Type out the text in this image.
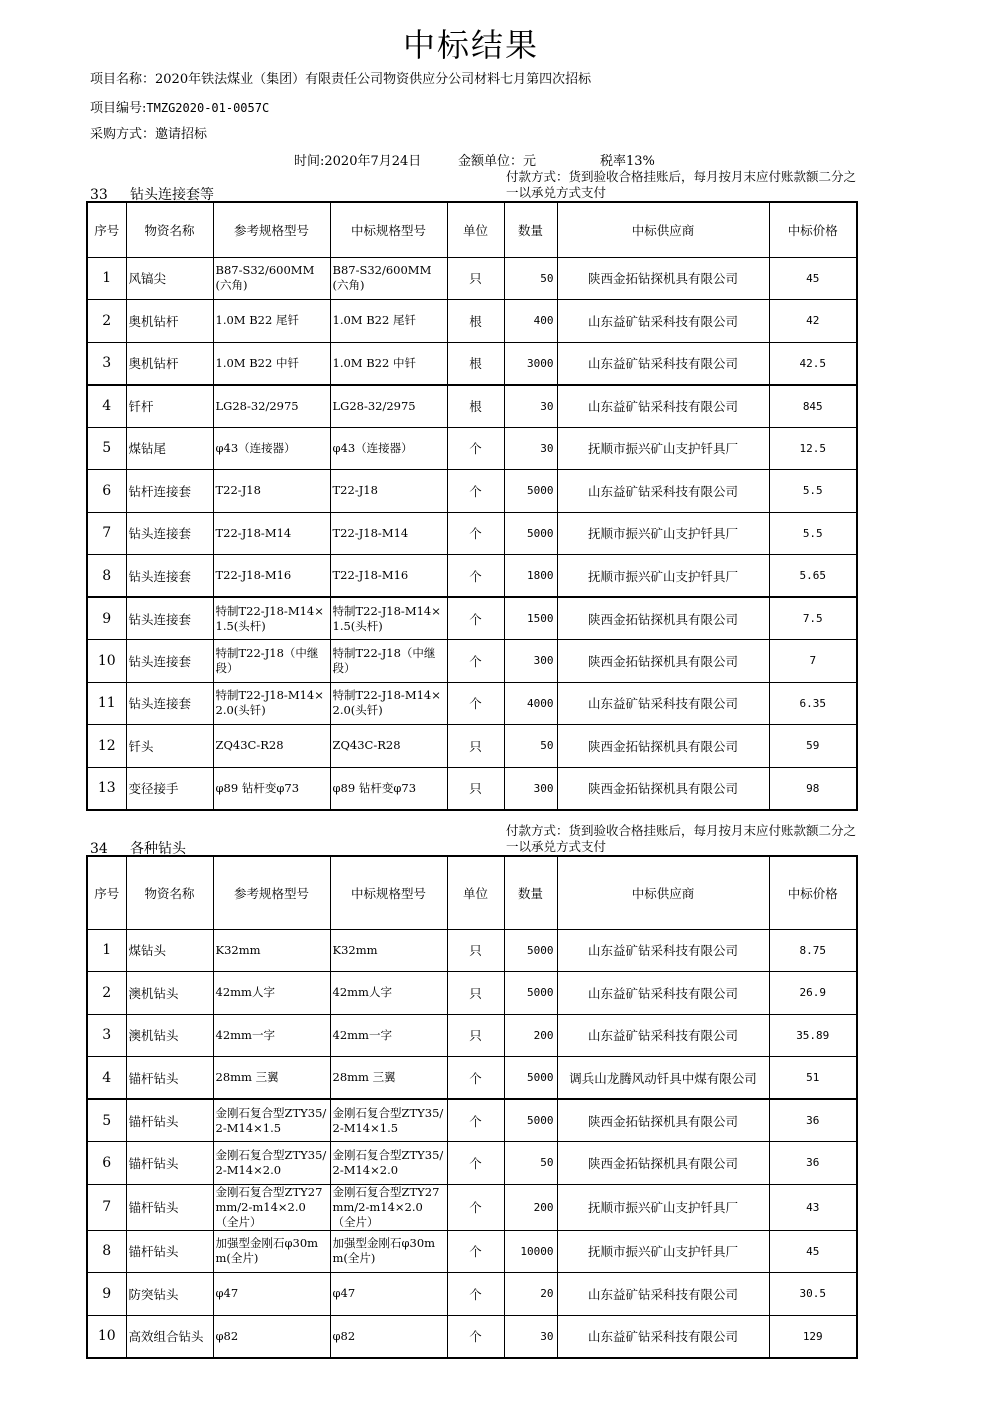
中标结果
项目名称：2020年铁法煤业（集团）有限责任公司物资供应分公司材料七月第四次招标
项目编号:TMZG2020-01-0057C
采购方式：邀请招标
时间:2020年7月24日	金额单位：元	税率13%
付款方式：货到验收合格挂账后，每月按月末应付账款额二分之一以承兑方式支付
33 钻头连接套等
序号	物资名称	参考规格型号	中标规格型号	单位	数量	中标供应商	中标价格
1	风镐尖	B87-S32/600MM(六角)	B87-S32/600MM(六角)	只	50	陕西金拓钻探机具有限公司	45
2	奥机钻杆	1.0M B22 尾钎	1.0M B22 尾钎	根	400	山东益矿钻采科技有限公司	42
3	奥机钻杆	1.0M B22 中钎	1.0M B22 中钎	根	3000	山东益矿钻采科技有限公司	42.5
4	钎杆	LG28-32/2975	LG28-32/2975	根	30	山东益矿钻采科技有限公司	845
5	煤钻尾	φ43（连接器）	φ43（连接器）	个	30	抚顺市振兴矿山支护钎具厂	12.5
6	钻杆连接套	T22-J18	T22-J18	个	5000	山东益矿钻采科技有限公司	5.5
7	钻头连接套	T22-J18-M14	T22-J18-M14	个	5000	抚顺市振兴矿山支护钎具厂	5.5
8	钻头连接套	T22-J18-M16	T22-J18-M16	个	1800	抚顺市振兴矿山支护钎具厂	5.65
9	钻头连接套	特制T22-J18-M14×1.5(头杆)	特制T22-J18-M14×1.5(头杆)	个	1500	陕西金拓钻探机具有限公司	7.5
10	钻头连接套	特制T22-J18（中继段）	特制T22-J18（中继段）	个	300	陕西金拓钻探机具有限公司	7
11	钻头连接套	特制T22-J18-M14×2.0(头钎)	特制T22-J18-M14×2.0(头钎)	个	4000	山东益矿钻采科技有限公司	6.35
12	钎头	ZQ43C-R28	ZQ43C-R28	只	50	陕西金拓钻探机具有限公司	59
13	变径接手	φ89 钻杆变φ73	φ89 钻杆变φ73	只	300	陕西金拓钻探机具有限公司	98
付款方式：货到验收合格挂账后，每月按月末应付账款额二分之一以承兑方式支付
34 各种钻头
序号	物资名称	参考规格型号	中标规格型号	单位	数量	中标供应商	中标价格
1	煤钻头	K32mm	K32mm	只	5000	山东益矿钻采科技有限公司	8.75
2	澳机钻头	42mm人字	42mm人字	只	5000	山东益矿钻采科技有限公司	26.9
3	澳机钻头	42mm一字	42mm一字	只	200	山东益矿钻采科技有限公司	35.89
4	锚杆钻头	28mm 三翼	28mm 三翼	个	5000	调兵山龙腾风动钎具中煤有限公司	51
5	锚杆钻头	金刚石复合型ZTY35/2-M14×1.5	金刚石复合型ZTY35/2-M14×1.5	个	5000	陕西金拓钻探机具有限公司	36
6	锚杆钻头	金刚石复合型ZTY35/2-M14×2.0	金刚石复合型ZTY35/2-M14×2.0	个	50	陕西金拓钻探机具有限公司	36
7	锚杆钻头	金刚石复合型ZTY27mm/2-m14×2.0（全片）	金刚石复合型ZTY27mm/2-m14×2.0（全片）	个	200	抚顺市振兴矿山支护钎具厂	43
8	锚杆钻头	加强型金刚石φ30mm(全片)	加强型金刚石φ30mm(全片)	个	10000	抚顺市振兴矿山支护钎具厂	45
9	防突钻头	φ47	φ47	个	20	山东益矿钻采科技有限公司	30.5
10	高效组合钻头	φ82	φ82	个	30	山东益矿钻采科技有限公司	129
